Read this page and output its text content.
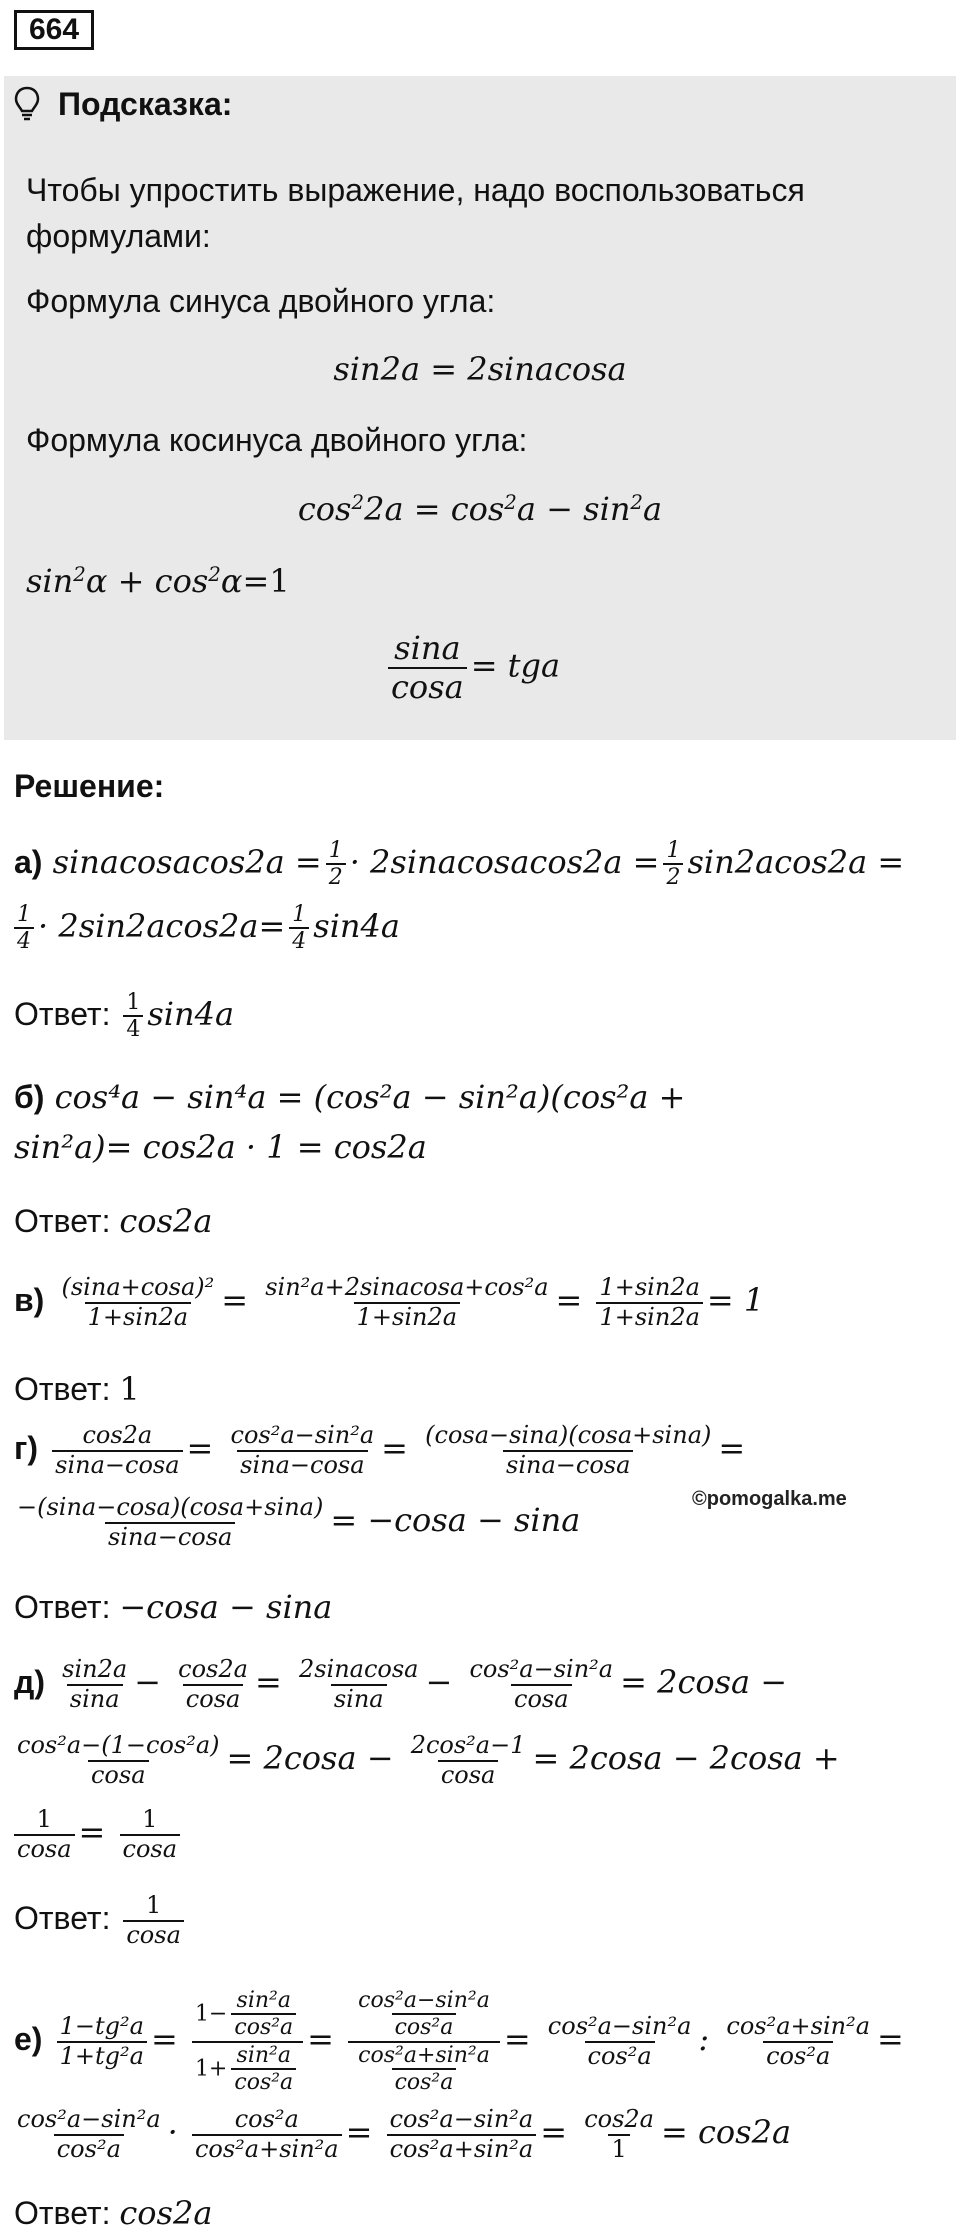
664
Подсказка:
Чтобы упростить выражение, надо воспользоваться
формулами:
Формула синуса двойного угла:
sin2a = 2sinacosa
Формула косинуса двойного угла:
$\cos^22a = \cos^2a - \sin^2a$
$\sin^2\alpha + \cos^2\alpha=1$
$\frac{\sin a}{\cos a}$ = tga
Решение:
а) sinacosacos2a = $\frac{1}{2}$ · 2sinacosacos2a = $\frac{1}{2} \sin 2acos2a$ =
$\frac{1}{4} \cdot 2\sin 2acos2a= \frac{1}{4} \sin 4a$
Ответ: $\frac{1}{4} \sin 4a$
б) cos⁴a − sin⁴a = (cos²a − sin²a)(cos²a +
sin²a)= cos2a · 1 = cos2a
Ответ: cos2a
$в) \frac{\text{(sina+cosa)²}}{1+\sin 2a} = \frac{\text{sin²a+2sinacosa+cos²a}}{1+\sin 2a} = \frac{1+\sin 2a}{1+\sin 2a} = 1$
Ответ: 1
$г) \frac{\cos 2a}{\sin a-\cos a} = \frac{\text{cos²a−sin²a}}{\sin a-\cos a} = \frac{(\cos a-\sin a)(\cos a+\sin a)}{\sin a-\cos a}$ =
©pomogalka.me
$\frac{-(\sin a-\cos a)(\cos a+\sin a)}{\sin a-\cos a} = -\cos a - \sin a$
Ответ: −cosa − sina
$д) \frac{\sin 2a}{\sin a} - \frac{\cos 2a}{\cos a} = \frac{\text{2sinacosa}}{\sin a} - \frac{\text{cos²a−sin²a}}{\cos a} = 2\cos a$ −
$\frac{\text{cos²a−(1−cos²a)}}{\cos a} = 2\cos a - \frac{\text{2cos²a−1}}{\cos a} = 2\cos a - 2\cos a$ +
$\frac{1}{\cos a} = \frac{1}{\cos a}$
Ответ: $\frac{1}{\cos a}$
$е) \frac{\text{1−tg²a}}{\text{1+tg²a}} = \frac{1- \frac{\text{sin²a}}{\text{cos²a}}}{1+ \frac{\text{sin²a}}{\text{cos²a}}} = \frac{\frac{\text{cos²a−sin²a}}{\text{cos²a}}}{\frac{\text{cos²a+sin²a}}{\text{cos²a}}} = \frac{\text{cos²a−sin²a}}{\text{cos²a}}$ : $\frac{\text{cos²a+sin²a}}{\text{cos²a}}$ =
$\frac{\text{cos²a−sin²a}}{\text{cos²a}} \cdot \frac{\text{cos²a}}{\text{cos²a+sin²a}} = \frac{\text{cos²a−sin²a}}{\text{cos²a+sin²a}} = \frac{\cos 2a}{1} = \cos 2a$
Ответ: cos2a
